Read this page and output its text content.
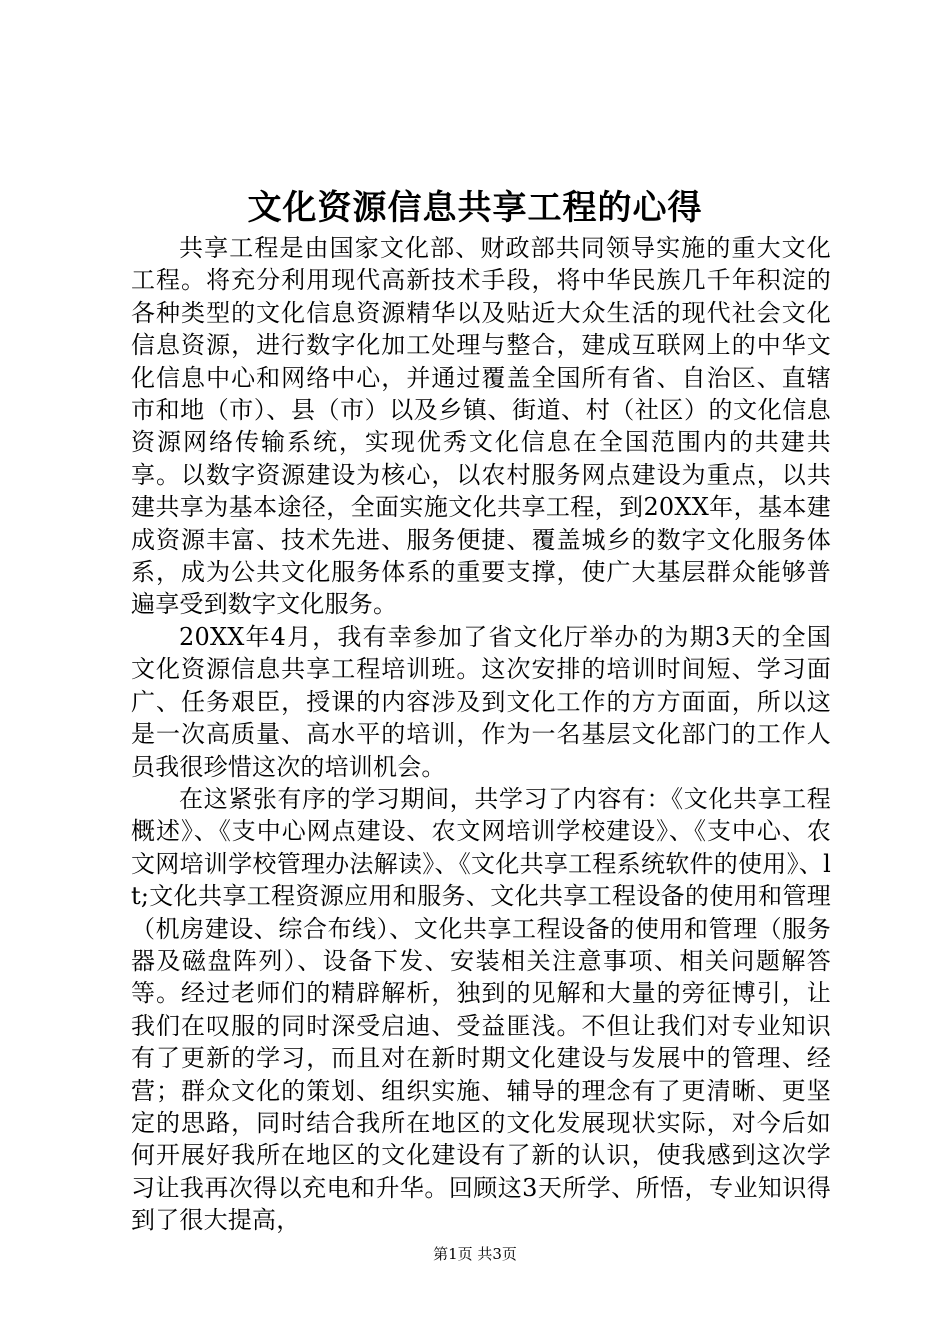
文化资源信息共享工程的心得

共享工程是由国家文化部、财政部共同领导实施的重大文化工程。将充分利用现代高新技术手段，将中华民族几千年积淀的各种类型的文化信息资源精华以及贴近大众生活的现代社会文化信息资源，进行数字化加工处理与整合，建成互联网上的中华文化信息中心和网络中心，并通过覆盖全国所有省、自治区、直辖市和地（市）、县（市）以及乡镇、街道、村（社区）的文化信息资源网络传输系统，实现优秀文化信息在全国范围内的共建共享。以数字资源建设为核心，以农村服务网点建设为重点，以共建共享为基本途径，全面实施文化共享工程，到20XX年，基本建成资源丰富、技术先进、服务便捷、覆盖城乡的数字文化服务体系，成为公共文化服务体系的重要支撑，使广大基层群众能够普遍享受到数字文化服务。

20XX年4月，我有幸参加了省文化厅举办的为期3天的全国文化资源信息共享工程培训班。这次安排的培训时间短、学习面广、任务艰臣，授课的内容涉及到文化工作的方方面面，所以这是一次高质量、高水平的培训，作为一名基层文化部门的工作人员我很珍惜这次的培训机会。

在这紧张有序的学习期间，共学习了内容有：《文化共享工程概述》、《支中心网点建设、农文网培训学校建设》、《支中心、农文网培训学校管理办法解读》、《文化共享工程系统软件的使用》、lt;文化共享工程资源应用和服务、文化共享工程设备的使用和管理（机房建设、综合布线）、文化共享工程设备的使用和管理（服务器及磁盘阵列）、设备下发、安装相关注意事项、相关问题解答等。经过老师们的精辟解析，独到的见解和大量的旁征博引，让我们在叹服的同时深受启迪、受益匪浅。不但让我们对专业知识有了更新的学习，而且对在新时期文化建设与发展中的管理、经营；群众文化的策划、组织实施、辅导的理念有了更清晰、更坚定的思路，同时结合我所在地区的文化发展现状实际，对今后如何开展好我所在地区的文化建设有了新的认识，使我感到这次学习让我再次得以充电和升华。回顾这3天所学、所悟，专业知识得到了很大提高，

第1页 共3页
